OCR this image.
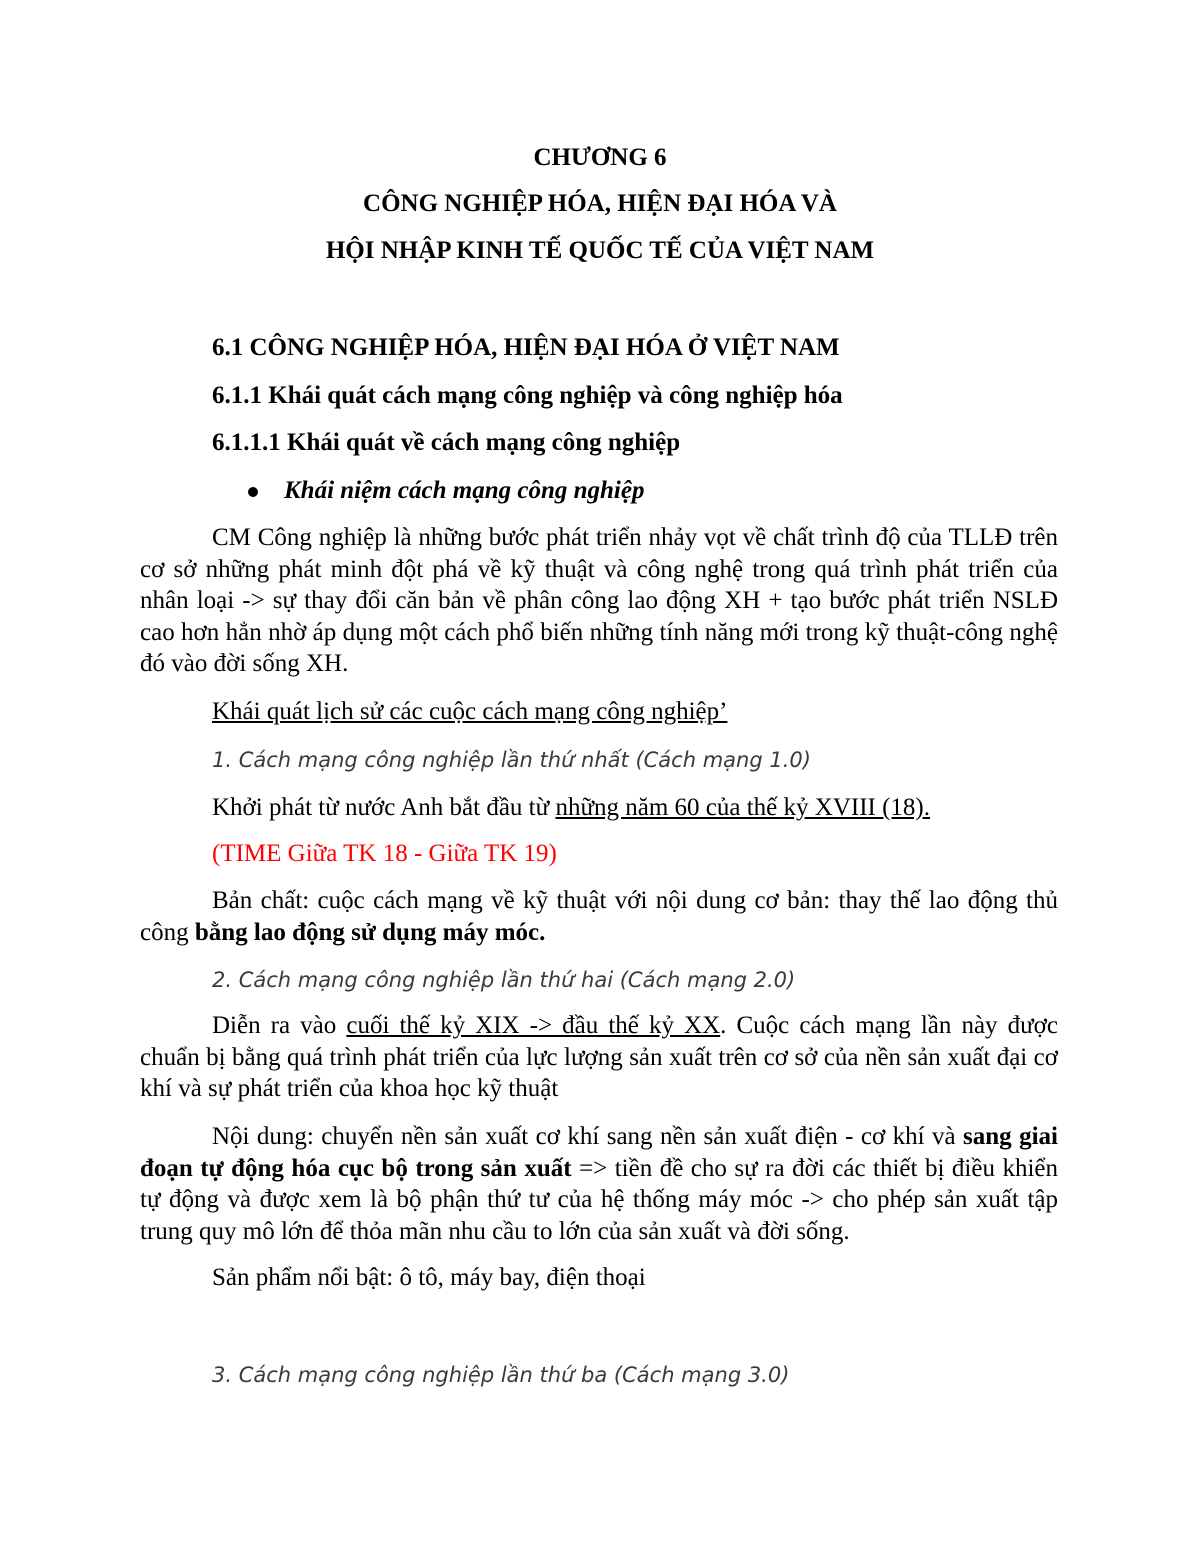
CHƯƠNG 6
CÔNG NGHIỆP HÓA, HIỆN ĐẠI HÓA VÀ
HỘI NHẬP KINH TẾ QUỐC TẾ CỦA VIỆT NAM
6.1 CÔNG NGHIỆP HÓA, HIỆN ĐẠI HÓA Ở VIỆT NAM
6.1.1 Khái quát cách mạng công nghiệp và công nghiệp hóa
6.1.1.1 Khái quát về cách mạng công nghiệp
Khái niệm cách mạng công nghiệp
CM Công nghiệp là những bước phát triển nhảy vọt về chất trình độ của TLLĐ trên cơ sở những phát minh đột phá về kỹ thuật và công nghệ trong quá trình phát triển của nhân loại -> sự thay đổi căn bản về phân công lao động XH + tạo bước phát triển NSLĐ cao hơn hẳn nhờ áp dụng một cách phổ biến những tính năng mới trong kỹ thuật-công nghệ đó vào đời sống XH.
Khái quát lịch sử các cuộc cách mạng công nghiệp’
1. Cách mạng công nghiệp lần thứ nhất (Cách mạng 1.0)
Khởi phát từ nước Anh bắt đầu từ những năm 60 của thế kỷ XVIII (18).
(TIME Giữa TK 18 - Giữa TK 19)
Bản chất: cuộc cách mạng về kỹ thuật với nội dung cơ bản: thay thế lao động thủ công bằng lao động sử dụng máy móc.
2. Cách mạng công nghiệp lần thứ hai (Cách mạng 2.0)
Diễn ra vào cuối thế kỷ XIX -> đầu thế kỷ XX. Cuộc cách mạng lần này được chuẩn bị bằng quá trình phát triển của lực lượng sản xuất trên cơ sở của nền sản xuất đại cơ khí và sự phát triển của khoa học kỹ thuật
Nội dung: chuyển nền sản xuất cơ khí sang nền sản xuất điện - cơ khí và sang giai đoạn tự động hóa cục bộ trong sản xuất => tiền đề cho sự ra đời các thiết bị điều khiển tự động và được xem là bộ phận thứ tư của hệ thống máy móc -> cho phép sản xuất tập trung quy mô lớn để thỏa mãn nhu cầu to lớn của sản xuất và đời sống.
Sản phẩm nổi bật: ô tô, máy bay, điện thoại
3. Cách mạng công nghiệp lần thứ ba (Cách mạng 3.0)
